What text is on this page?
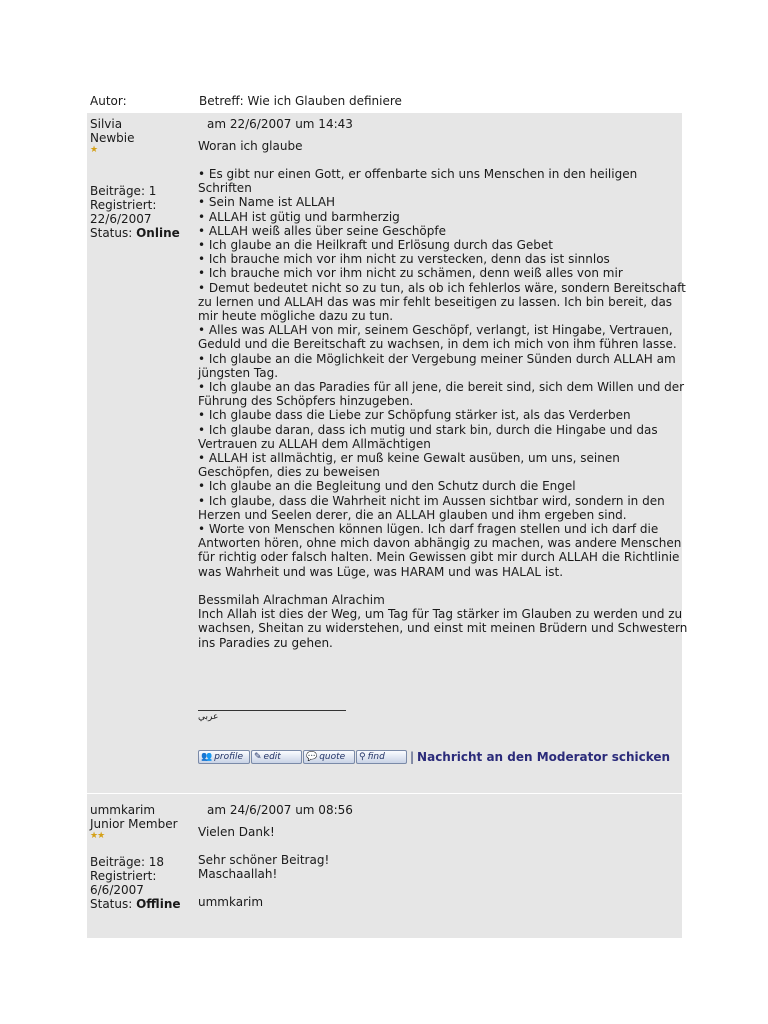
Autor:	Betreff: Wie ich Glauben definiere
Silvia
Newbie
★
Beiträge: 1
Registriert:
22/6/2007
Status: Online
am 22/6/2007 um 14:43
Woran ich glaube
• Es gibt nur einen Gott, er offenbarte sich uns Menschen in den heiligen
Schriften
• Sein Name ist ALLAH
• ALLAH ist gütig und barmherzig
• ALLAH weiß alles über seine Geschöpfe
• Ich glaube an die Heilkraft und Erlösung durch das Gebet
• Ich brauche mich vor ihm nicht zu verstecken, denn das ist sinnlos
• Ich brauche mich vor ihm nicht zu schämen, denn weiß alles von mir
• Demut bedeutet nicht so zu tun, als ob ich fehlerlos wäre, sondern Bereitschaft
zu lernen und ALLAH das was mir fehlt beseitigen zu lassen. Ich bin bereit, das
mir heute mögliche dazu zu tun.
• Alles was ALLAH von mir, seinem Geschöpf, verlangt, ist Hingabe, Vertrauen,
Geduld und die Bereitschaft zu wachsen, in dem ich mich von ihm führen lasse.
• Ich glaube an die Möglichkeit der Vergebung meiner Sünden durch ALLAH am
jüngsten Tag.
• Ich glaube an das Paradies für all jene, die bereit sind, sich dem Willen und der
Führung des Schöpfers hinzugeben.
• Ich glaube dass die Liebe zur Schöpfung stärker ist, als das Verderben
• Ich glaube daran, dass ich mutig und stark bin, durch die Hingabe und das
Vertrauen zu ALLAH dem Allmächtigen
• ALLAH ist allmächtig, er muß keine Gewalt ausüben, um uns, seinen
Geschöpfen, dies zu beweisen
• Ich glaube an die Begleitung und den Schutz durch die Engel
• Ich glaube, dass die Wahrheit nicht im Aussen sichtbar wird, sondern in den
Herzen und Seelen derer, die an ALLAH glauben und ihm ergeben sind.
• Worte von Menschen können lügen. Ich darf fragen stellen und ich darf die
Antworten hören, ohne mich davon abhängig zu machen, was andere Menschen
für richtig oder falsch halten. Mein Gewissen gibt mir durch ALLAH die Richtlinie
was Wahrheit und was Lüge, was HARAM und was HALAL ist.
Bessmilah Alrachman Alrachim
Inch Allah ist dies der Weg, um Tag für Tag stärker im Glauben zu werden und zu
wachsen, Sheitan zu widerstehen, und einst mit meinen Brüdern und Schwestern
ins Paradies zu gehen.
عربي
👥 profile ✎ edit	💬 quote ⚲ find | Nachricht an den Moderator schicken
ummkarim
Junior Member
★★
Beiträge: 18
Registriert:
6/6/2007
Status: Offline
am 24/6/2007 um 08:56
Vielen Dank!
Sehr schöner Beitrag!
Maschaallah!
ummkarim
